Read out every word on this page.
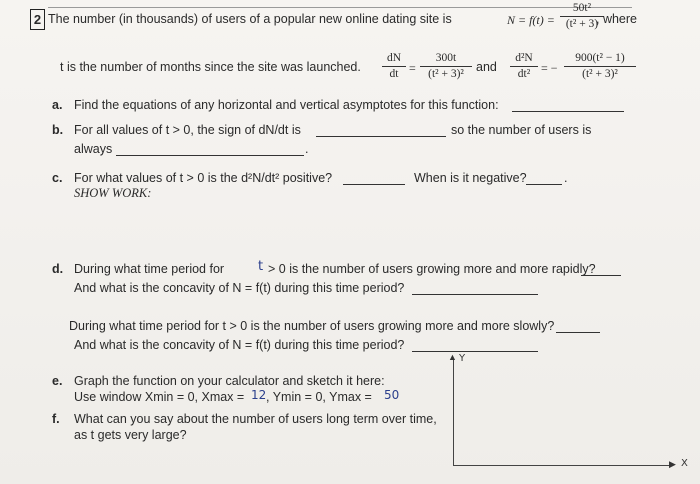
2 The number (in thousands) of users of a popular new online dating site is	N = f(t) =
50t²
(t² + 3)
, where
t is the number of months since the site was launched.
dN
dt =
300t
(t² + 3)² and
d²N
dt² = −
900(t² − 1)
(t² + 3)²
a. Find the equations of any horizontal and vertical asymptotes for this function:
b. For all values of t > 0, the sign of dN/dt is	so the number of users is
always	.
c. For what values of t > 0 is the d²N/dt² positive?	When is it negative?	.
SHOW WORK:
d. During what time period for	t > 0 is the number of users growing more and more rapidly?
And what is the concavity of N = f(t) during this time period?
During what time period for t > 0 is the number of users growing more and more slowly?
And what is the concavity of N = f(t) during this time period?
e. Graph the function on your calculator and sketch it here:
Use window Xmin = 0, Xmax = 12 , Ymin = 0, Ymax = 50
f. What can you say about the number of users long term over time,
as t gets very large?
▲ Y
▶ X
